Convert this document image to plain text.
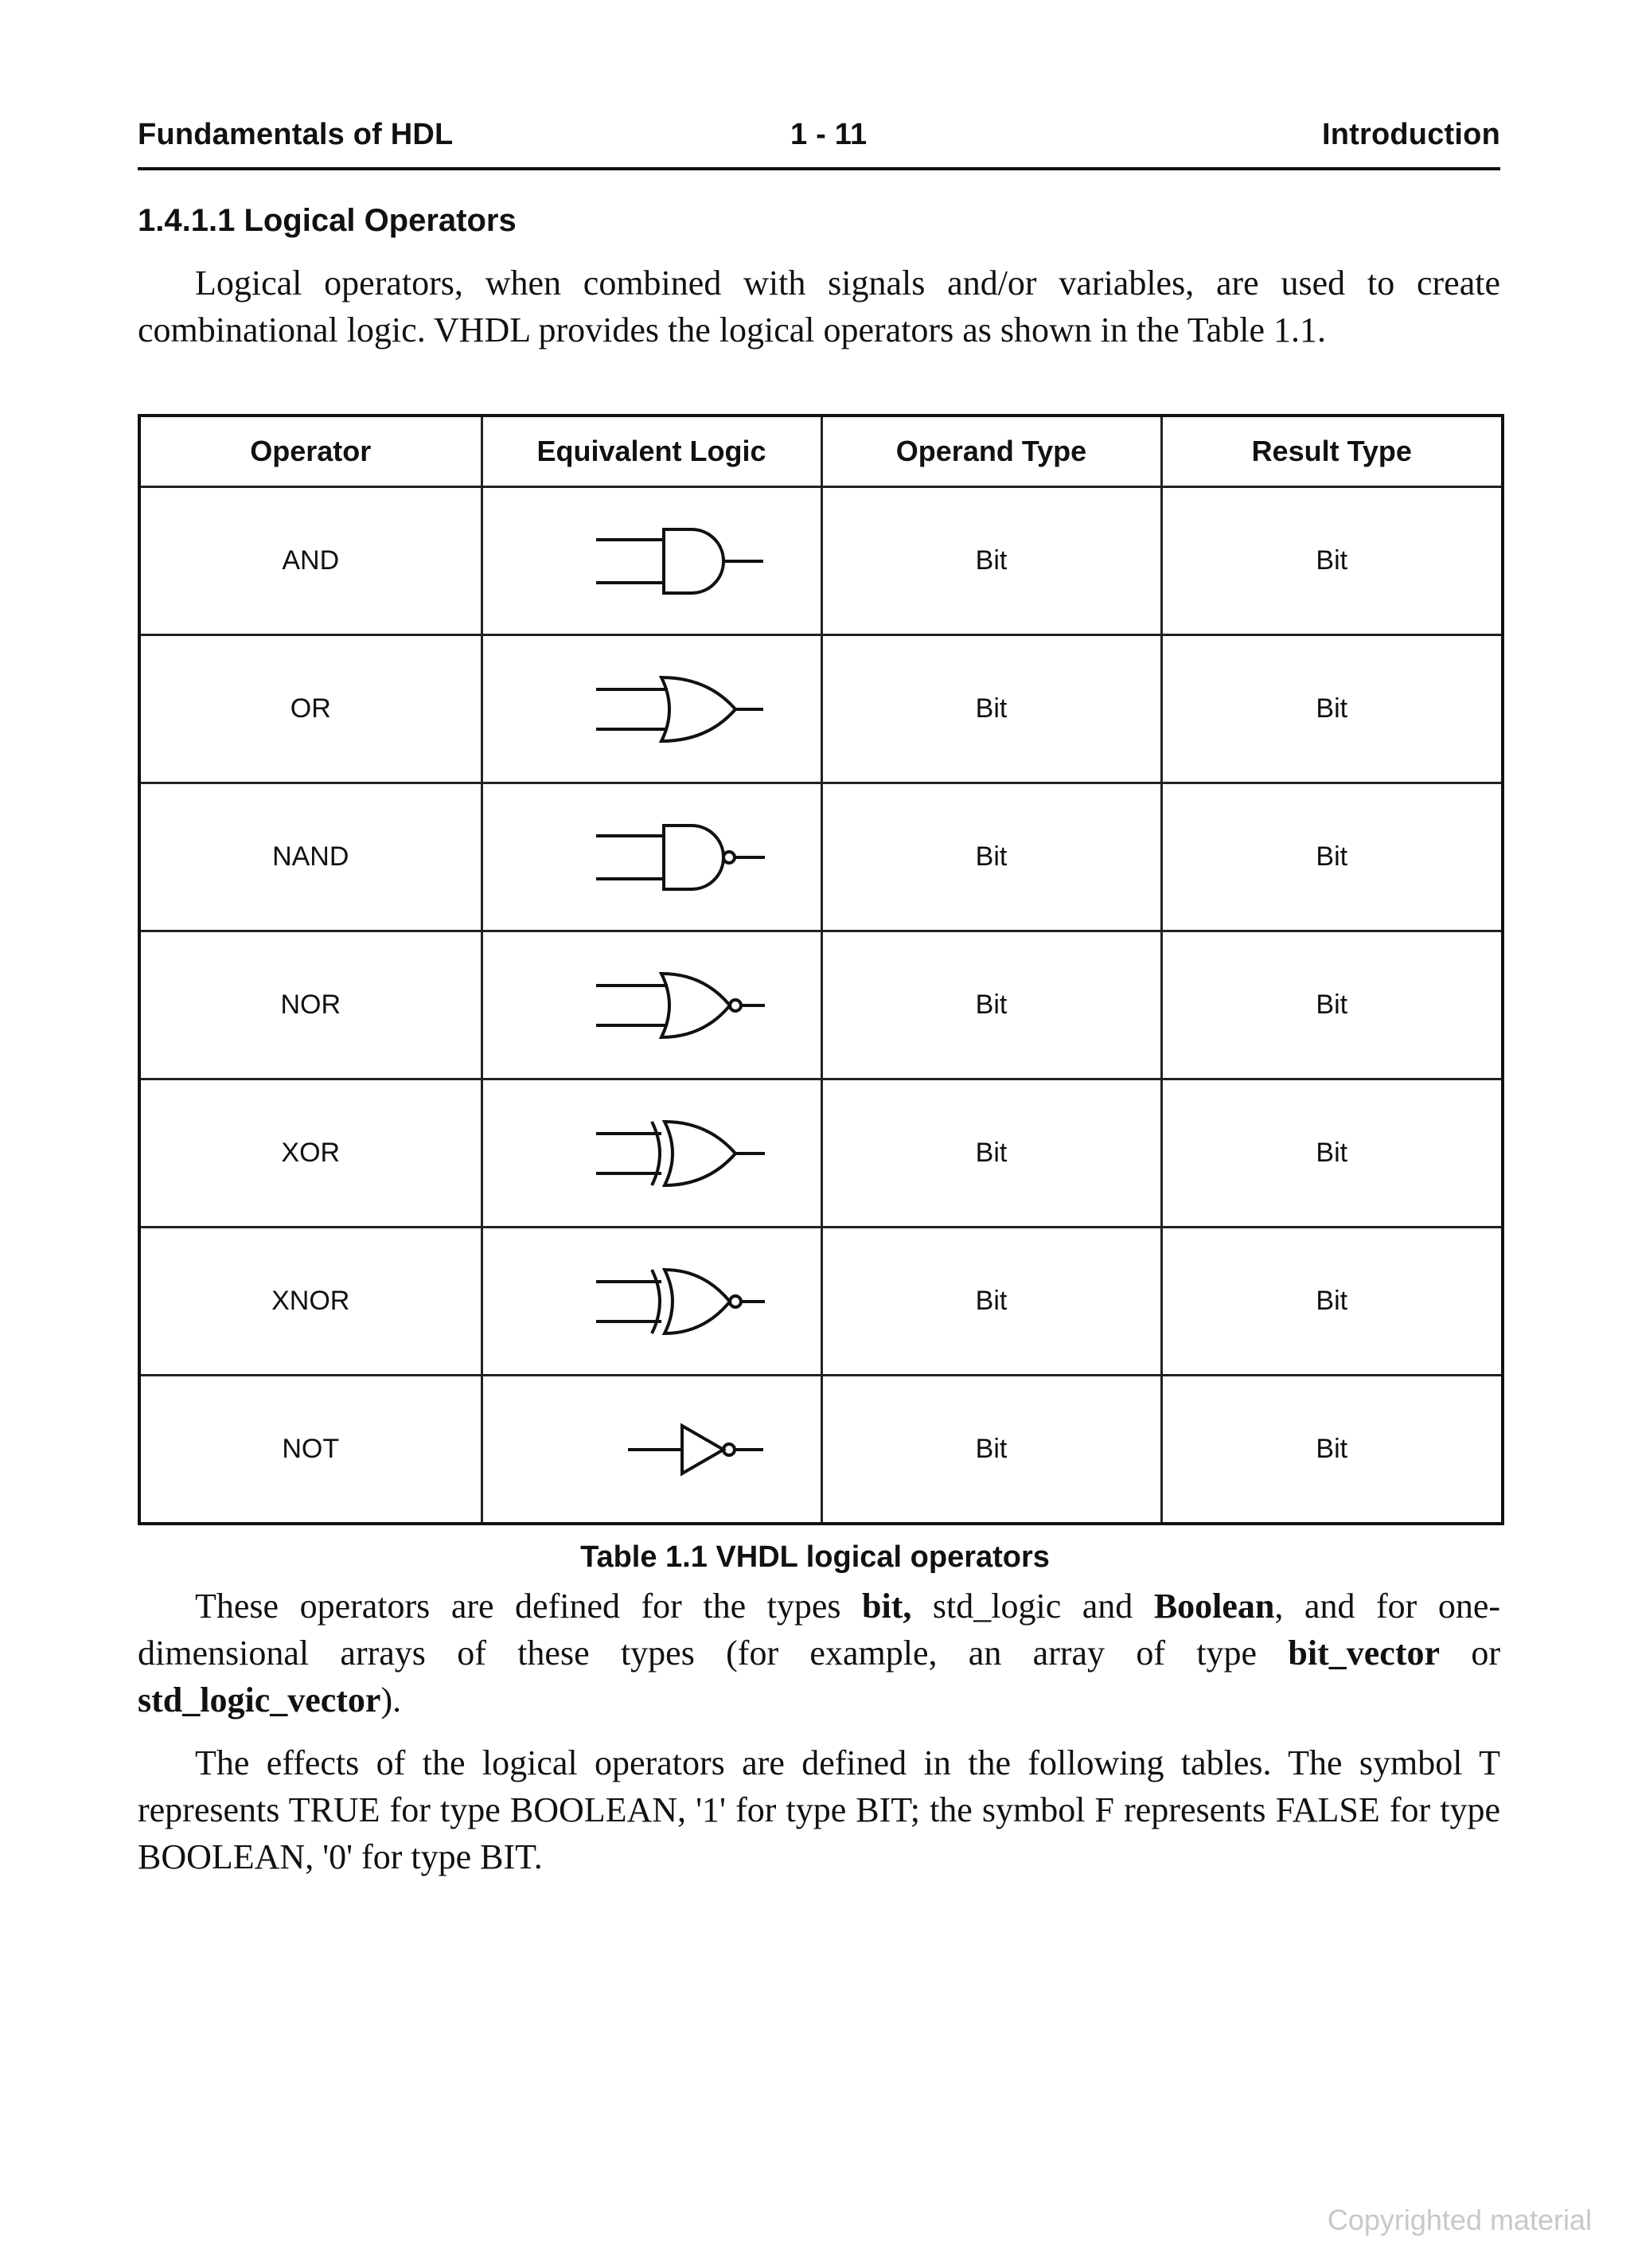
Fundamentals of HDL	1 - 11	Introduction
1.4.1.1 Logical Operators
Logical operators, when combined with signals and/or variables, are used to create combinational logic. VHDL provides the logical operators as shown in the Table 1.1.
Operator	Equivalent Logic	Operand Type	Result Type
AND		Bit	Bit
OR		Bit	Bit
NAND		Bit	Bit
NOR		Bit	Bit
XOR		Bit	Bit
XNOR		Bit	Bit
NOT		Bit	Bit
Table 1.1 VHDL logical operators
These operators are defined for the types bit, std_logic and Boolean, and for one-dimensional arrays of these types (for example, an array of type bit_vector or std_logic_vector).
The effects of the logical operators are defined in the following tables. The symbol T represents TRUE for type BOOLEAN, '1' for type BIT; the symbol F represents FALSE for type BOOLEAN, '0' for type BIT.
Copyrighted material
